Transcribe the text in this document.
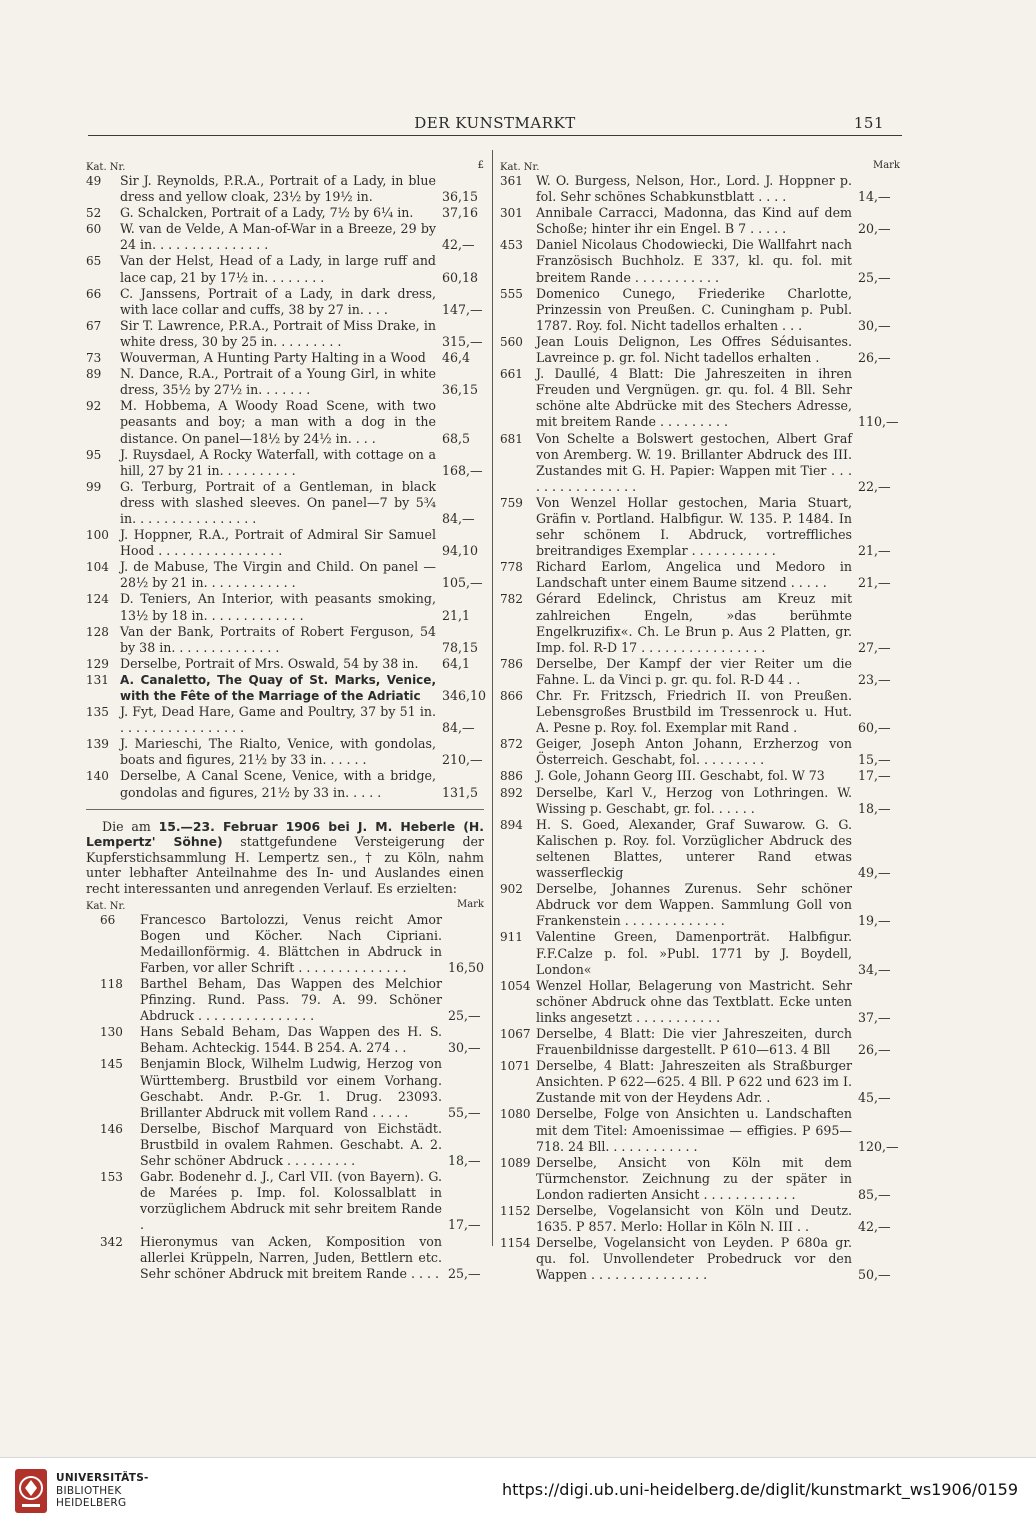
DER KUNSTMARKT	151
Kat. Nr.	£
49	Sir J. Reynolds, P.R.A., Portrait of a Lady, in blue dress and yellow cloak, 23½ by 19½ in.	36,15
52	G. Schalcken, Portrait of a Lady, 7½ by 6¼ in.	37,16
60	W. van de Velde, A Man-of-War in a Breeze, 29 by 24 in. . . . . . . . . . . . . . .	42,—
65	Van der Helst, Head of a Lady, in large ruff and lace cap, 21 by 17½ in. . . . . . . .	60,18
66	C. Janssens, Portrait of a Lady, in dark dress, with lace collar and cuffs, 38 by 27 in. . . .	147,—
67	Sir T. Lawrence, P.R.A., Portrait of Miss Drake, in white dress, 30 by 25 in. . . . . . . . .	315,—
73	Wouverman, A Hunting Party Halting in a Wood	46,4
89	N. Dance, R.A., Portrait of a Young Girl, in white dress, 35½ by 27½ in. . . . . . .	36,15
92	M. Hobbema, A Woody Road Scene, with two peasants and boy; a man with a dog in the distance. On panel—18½ by 24½ in. . . .	68,5
95	J. Ruysdael, A Rocky Waterfall, with cottage on a hill, 27 by 21 in. . . . . . . . . .	168,—
99	G. Terburg, Portrait of a Gentleman, in black dress with slashed sleeves. On panel—7 by 5¾ in. . . . . . . . . . . . . . . .	84,—
100 J. Hoppner, R.A., Portrait of Admiral Sir Samuel Hood . . . . . . . . . . . . . . . .	94,10
104 J. de Mabuse, The Virgin and Child. On panel —28½ by 21 in. . . . . . . . . . . .	105,—
124 D. Teniers, An Interior, with peasants smoking, 13½ by 18 in. . . . . . . . . . . . .	21,1
128 Van der Bank, Portraits of Robert Ferguson, 54 by 38 in. . . . . . . . . . . . . .	78,15
129 Derselbe, Portrait of Mrs. Oswald, 54 by 38 in.	64,1
131 A. Canaletto, The Quay of St. Marks, Venice, with the Fête of the Marriage of the Adriatic	346,10
135 J. Fyt, Dead Hare, Game and Poultry, 37 by 51 in. . . . . . . . . . . . . . . . .	84,—
139 J. Marieschi, The Rialto, Venice, with gondolas, boats and figures, 21½ by 33 in. . . . . .	210,—
140 Derselbe, A Canal Scene, Venice, with a bridge, gondolas and figures, 21½ by 33 in. . . . .	131,5

Die am 15.—23. Februar 1906 bei J. M. Heberle (H. Lempertz' Söhne) stattgefundene Versteigerung der Kupferstichsammlung H. Lempertz sen., † zu Köln, nahm unter lebhafter Anteilnahme des In- und Auslandes einen recht interessanten und anregenden Verlauf. Es erzielten:

Kat. Nr.	Mark
66	Francesco Bartolozzi, Venus reicht Amor Bogen und Köcher. Nach Cipriani. Medaillonförmig. 4. Blättchen in Abdruck in Farben, vor aller Schrift . . . . . . . . . . . . . .	16,50
118	Barthel Beham, Das Wappen des Melchior Pfinzing. Rund. Pass. 79. A. 99. Schöner Abdruck . . . . . . . . . . . . . . .	25,—
130	Hans Sebald Beham, Das Wappen des H. S. Beham. Achteckig. 1544. B 254. A. 274 . .	30,—
145	Benjamin Block, Wilhelm Ludwig, Herzog von Württemberg. Brustbild vor einem Vorhang. Geschabt. Andr. P.-Gr. 1. Drug. 23093. Brillanter Abdruck mit vollem Rand . . . . .	55,—
146	Derselbe, Bischof Marquard von Eichstädt. Brustbild in ovalem Rahmen. Geschabt. A. 2. Sehr schöner Abdruck . . . . . . . . .	18,—
153	Gabr. Bodenehr d. J., Carl VII. (von Bayern). G. de Marées p. Imp. fol. Kolossalblatt in vorzüglichem Abdruck mit sehr breitem Rande .	17,—
342	Hieronymus van Acken, Komposition von allerlei Krüppeln, Narren, Juden, Bettlern etc. Sehr schöner Abdruck mit breitem Rande . . . . 25,—
Kat. Nr.	Mark
361	W. O. Burgess, Nelson, Hor., Lord. J. Hoppner p. fol. Sehr schönes Schabkunstblatt . . . .	14,—
301	Annibale Carracci, Madonna, das Kind auf dem Schoße; hinter ihr ein Engel. B 7 . . . . .	20,—
453	Daniel Nicolaus Chodowiecki, Die Wallfahrt nach Französisch Buchholz. E 337, kl. qu. fol. mit breitem Rande . . . . . . . . . . .	25,—
555	Domenico Cunego, Friederike Charlotte, Prinzessin von Preußen. C. Cuningham p. Publ. 1787. Roy. fol. Nicht tadellos erhalten . . .	30,—
560	Jean Louis Delignon, Les Offres Séduisantes. Lavreince p. gr. fol. Nicht tadellos erhalten .	26,—
661	J. Daullé, 4 Blatt: Die Jahreszeiten in ihren Freuden und Vergnügen. gr. qu. fol. 4 Bll. Sehr schöne alte Abdrücke mit des Stechers Adresse, mit breitem Rande . . . . . . . . .	110,—
681	Von Schelte a Bolswert gestochen, Albert Graf von Aremberg. W. 19. Brillanter Abdruck des III. Zustandes mit G. H. Papier: Wappen mit Tier . . . . . . . . . . . . . . . .	22,—
759	Von Wenzel Hollar gestochen, Maria Stuart, Gräfin v. Portland. Halbfigur. W. 135. P. 1484. In sehr schönem I. Abdruck, vortreffliches breitrandiges Exemplar . . . . . . . . . . .	21,—
778	Richard Earlom, Angelica und Medoro in Landschaft unter einem Baume sitzend . . . . .	21,—
782	Gérard Edelinck, Christus am Kreuz mit zahlreichen Engeln, »das berühmte Engelkruzifix«. Ch. Le Brun p. Aus 2 Platten, gr. Imp. fol. R-D 17 . . . . . . . . . . . . . . . .	27,—
786	Derselbe, Der Kampf der vier Reiter um die Fahne. L. da Vinci p. gr. qu. fol. R-D 44 . .	23,—
866	Chr. Fr. Fritzsch, Friedrich II. von Preußen. Lebensgroßes Brustbild im Tressenrock u. Hut. A. Pesne p. Roy. fol. Exemplar mit Rand .	60,—
872	Geiger, Joseph Anton Johann, Erzherzog von Österreich. Geschabt, fol. . . . . . . . .	15,—
886	J. Gole, Johann Georg III. Geschabt, fol. W 73	17,—
892	Derselbe, Karl V., Herzog von Lothringen. W. Wissing p. Geschabt, gr. fol. . . . . .	18,—
894	H. S. Goed, Alexander, Graf Suwarow. G. G. Kalischen p. Roy. fol. Vorzüglicher Abdruck des seltenen Blattes, unterer Rand etwas wasserfleckig	49,—
902	Derselbe, Johannes Zurenus. Sehr schöner Abdruck vor dem Wappen. Sammlung Goll von Frankenstein . . . . . . . . . . . . .	19,—
911	Valentine Green, Damenporträt. Halbfigur. F.F.Calze p. fol. »Publ. 1771 by J. Boydell, London«	34,—
1054 Wenzel Hollar, Belagerung von Mastricht. Sehr schöner Abdruck ohne das Textblatt. Ecke unten links angesetzt . . . . . . . . . . .	37,—
1067 Derselbe, 4 Blatt: Die vier Jahreszeiten, durch Frauenbildnisse dargestellt. P 610—613. 4 Bll	26,—
1071 Derselbe, 4 Blatt: Jahreszeiten als Straßburger Ansichten. P 622—625. 4 Bll. P 622 und 623 im I. Zustande mit von der Heydens Adr. .	45,—
1080 Derselbe, Folge von Ansichten u. Landschaften mit dem Titel: Amoenissimae — effigies. P 695—718. 24 Bll. . . . . . . . . . . .	120,—
1089 Derselbe, Ansicht von Köln mit dem Türmchenstor. Zeichnung zu der später in London radierten Ansicht . . . . . . . . . . . .	85,—
1152 Derselbe, Vogelansicht von Köln und Deutz. 1635. P 857. Merlo: Hollar in Köln N. III . .	42,—
1154 Derselbe, Vogelansicht von Leyden. P 680a gr. qu. fol. Unvollendeter Probedruck vor den Wappen . . . . . . . . . . . . . . .	50,—
UNIVERSITÄTS-
BIBLIOTHEK
HEIDELBERG
https://digi.ub.uni-heidelberg.de/diglit/kunstmarkt_ws1906/0159
